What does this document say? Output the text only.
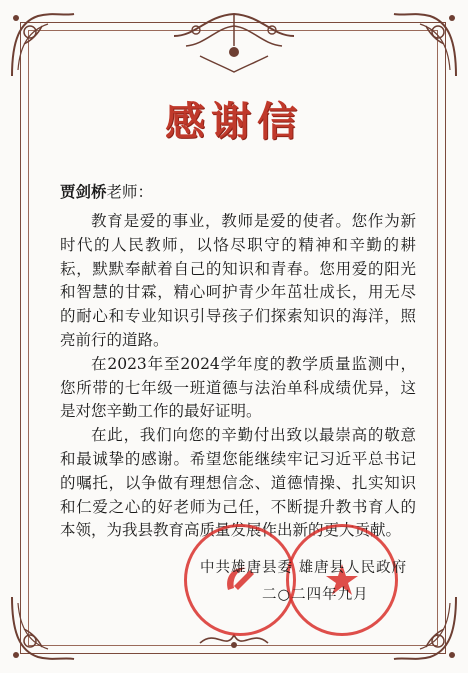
感谢信
贾剑桥老师：

教育是爱的事业，教师是爱的使者。您作为新时代的人民教师，以恪尽职守的精神和辛勤的耕耘，默默奉献着自己的知识和青春。您用爱的阳光和智慧的甘霖，精心呵护青少年茁壮成长，用无尽的耐心和专业知识引导孩子们探索知识的海洋，照亮前行的道路。

在2023年至2024学年度的教学质量监测中，您所带的七年级一班道德与法治单科成绩优异，这是对您辛勤工作的最好证明。

在此，我们向您的辛勤付出致以最崇高的敬意和最诚挚的感谢。希望您能继续牢记习近平总书记的嘱托，以争做有理想信念、道德情操、扎实知识和仁爱之心的好老师为己任，不断提升教书育人的本领，为我县教育高质量发展作出新的更大贡献。

中共雄唐县委 雄唐县人民政府
二○二四年九月
